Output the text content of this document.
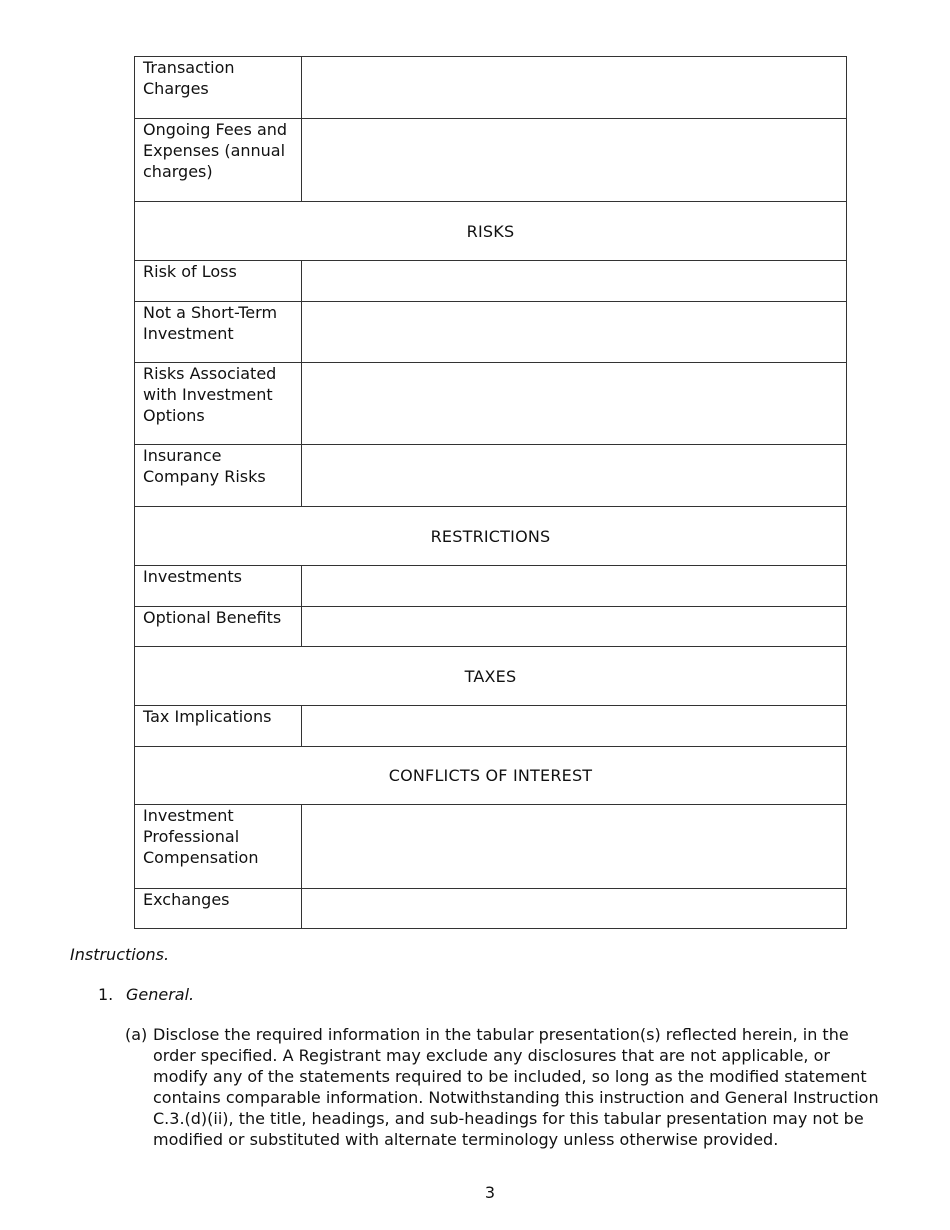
Transaction Charges	
Ongoing Fees and Expenses (annual charges)	
RISKS	
Risk of Loss	
Not a Short-Term Investment	
Risks Associated with Investment Options	
Insurance Company Risks	
RESTRICTIONS	
Investments	
Optional Benefits	
TAXES	
Tax Implications	
CONFLICTS OF INTEREST	
Investment Professional Compensation	
Exchanges	
Instructions.
1. General.
(a) Disclose the required information in the tabular presentation(s) reflected herein, in the order specified. A Registrant may exclude any disclosures that are not applicable, or modify any of the statements required to be included, so long as the modified statement contains comparable information. Notwithstanding this instruction and General Instruction C.3.(d)(ii), the title, headings, and sub-headings for this tabular presentation may not be modified or substituted with alternate terminology unless otherwise provided.
3
